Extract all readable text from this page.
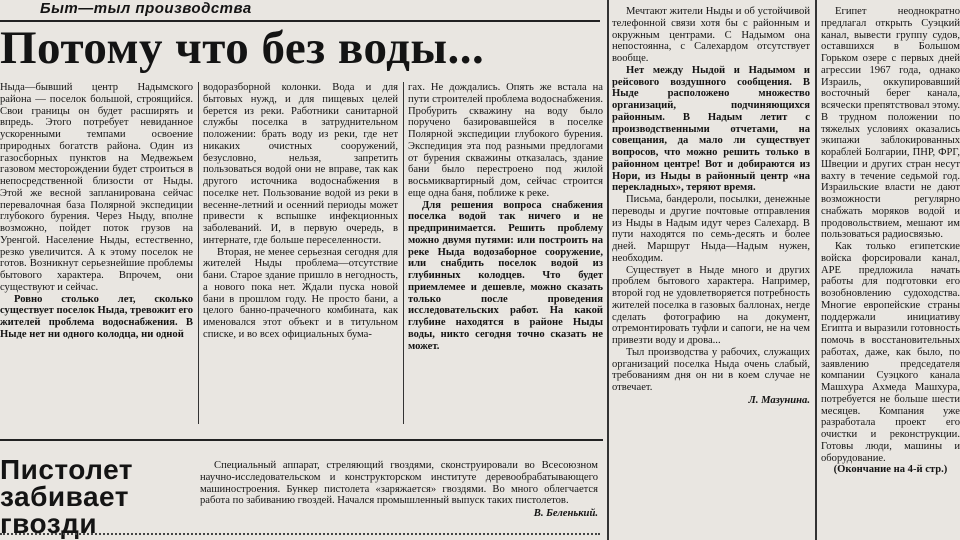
Быт—тыл производства
Потому что без воды...

Ныда—бывший центр Надымского района — поселок большой, строящийся. Свои границы он будет расширять и впредь. Этого потребует невиданное ускоренными темпами освоение природных богатств района. Один из газосборных пунктов на Медвежьем газовом месторождении будет строиться в непосредственной близости от Ныды. Этой же весной запланирована сейчас перевалочная база Полярной экспедиции глубокого бурения. Через Ныду, вполне возможно, пойдет поток грузов на Уренгой. Население Ныды, естественно, резко увеличится. А к этому поселок не готов. Возникнут серьезнейшие проблемы бытового характера. Впрочем, они существуют и сейчас.

Ровно столько лет, сколько существует поселок Ныда, тревожит его жителей проблема водоснабжения. В Ныде нет ни одного колодца, ни одной

водоразборной колонки. Вода и для бытовых нужд, и для пищевых целей берется из реки. Работники санитарной службы поселка в затруднительном положении: брать воду из реки, где нет никаких очистных сооружений, безусловно, нельзя, запретить пользоваться водой они не вправе, так как другого источника водоснабжения в поселке нет. Пользование водой из реки в весенне-летний и осенний периоды может привести к вспышке инфекционных заболеваний. И, в первую очередь, в интернате, где больше переселенности.

Вторая, не менее серьезная сегодня для жителей Ныды проблема—отсутствие бани. Старое здание пришло в негодность, а нового пока нет. Ждали пуска новой бани в прошлом году. Не просто бани, а целого банно-прачечного комбината, как именовался этот объект и в титульном списке, и во всех официальных бума-

гах. Не дождались. Опять же встала на пути строителей проблема водоснабжения. Пробурить скважину на воду было поручено базировавшейся в поселке Полярной экспедиции глубокого бурения. Экспедиция эта под разными предлогами от бурения скважины отказалась, здание бани было перестроено под жилой восьмиквартирный дом, сейчас строится еще одна баня, поближе к реке.

Для решения вопроса снабжения поселка водой так ничего и не предпринимается. Решить проблему можно двумя путями: или построить на реке Ныда водозаборное сооружение, или снабдить поселок водой из глубинных колодцев. Что будет приемлемее и дешевле, можно сказать только после проведения исследовательских работ. На какой глубине находятся в районе Ныды воды, никто сегодня точно сказать не может.

Мечтают жители Ныды и об устойчивой телефонной связи хотя бы с районным и окружным центрами. С Надымом она непостоянна, с Салехардом отсутствует вообще.

Нет между Ныдой и Надымом и рейсового воздушного сообщения. В Ныде расположено множество организаций, подчиняющихся районным. В Надым летит с производственными отчетами, на совещания, да мало ли существует вопросов, что можно решить только в районном центре! Вот и добираются из Нори, из Ныды в районный центр «на перекладных», теряют время.

Письма, бандероли, посылки, денежные переводы и другие почтовые отправления из Ныды в Надым идут через Салехард. В пути находятся по семь-десять и более дней. Маршрут Ныда—Надым нужен, необходим.

Существует в Ныде много и других проблем бытового характера. Например, второй год не удовлетворяется потребность жителей поселка в газовых баллонах, негде сделать фотографию на документ, отремонтировать туфли и сапоги, не на чем привезти воду и дрова...

Тыл производства у рабочих, служащих организаций поселка Ныда очень слабый, требованиям дня он ни в коем случае не отвечает.

Л. Мазунина.

Египет неоднократно предлагал открыть Суэцкий канал, вывести группу судов, оставшихся в Большом Горьком озере с первых дней агрессии 1967 года, однако Израиль, оккупировавший восточный берег канала, всячески препятствовал этому. В трудном положении по тяжелых условиях оказались экипажи заблокированных кораблей Болгарии, ПНР, ФРГ, Швеции и других стран несут вахту в течение седьмой год. Израильские власти не дают возможности регулярно снабжать моряков водой и продовольствием, мешают им пользоваться радиосвязью.

Как только египетские войска форсировали канал, АРЕ предложила начать работы для подготовки его возобновлению судоходства. Многие европейские страны поддержали инициативу Египта и выразили готовность помочь в восстановительных работах, даже, как было, по заявлению председателя компании Суэцкого канала Машхура Ахмеда Машхура, потребуется не больше шести месяцев. Компания уже разработала проект его очистки и реконструкции. Готовы люди, машины и оборудование.

(Окончание на 4-й стр.)

Пистолет
забивает
гвозди

Специальный аппарат, стреляющий гвоздями, сконструировали во Всесоюзном научно-исследовательском и конструкторском институте деревообрабатывающего машиностроения. Бункер пистолета «заряжается» гвоздями. Во много облегчается работа по забиванию гвоздей. Начался промышленный выпуск таких пистолетов.

В. Беленький.
